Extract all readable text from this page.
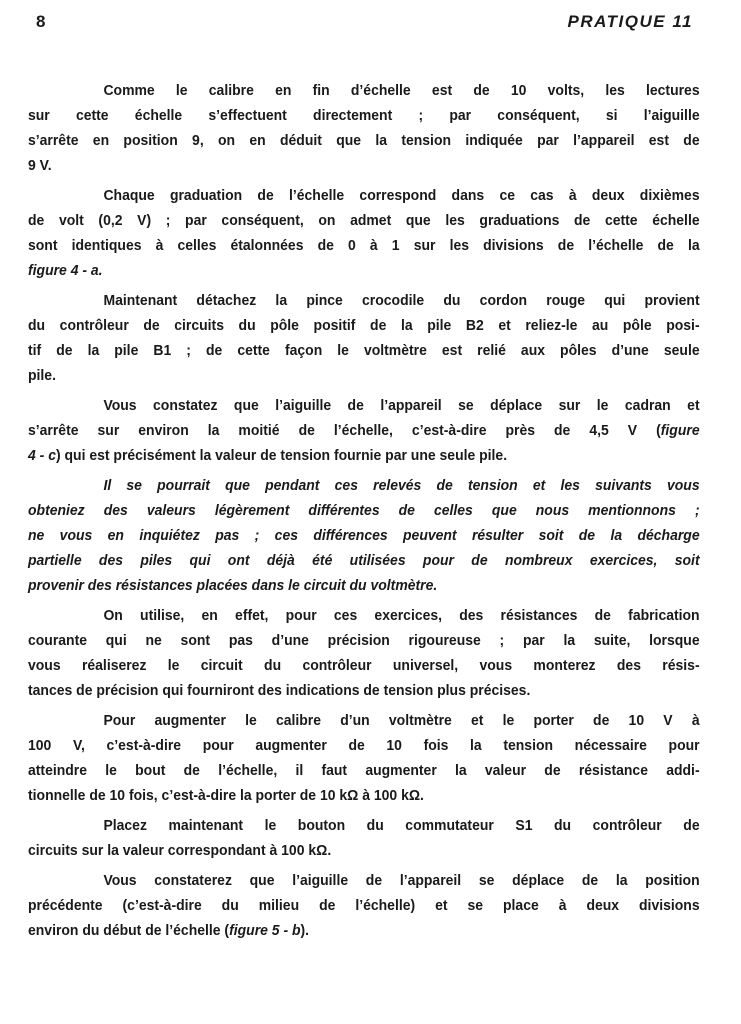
8	PRATIQUE 11
Comme le calibre en fin d’échelle est de 10 volts, les lectures
sur cette échelle s’effectuent directement ; par conséquent, si l’aiguille
s’arrête en position 9, on en déduit que la tension indiquée par l’appareil est de
9 V.
Chaque graduation de l’échelle correspond dans ce cas à deux dixièmes
de volt (0,2 V) ; par conséquent, on admet que les graduations de cette échelle
sont identiques à celles étalonnées de 0 à 1 sur les divisions de l’échelle de la
figure 4 - a.
Maintenant détachez la pince crocodile du cordon rouge qui provient
du contrôleur de circuits du pôle positif de la pile B2 et reliez-le au pôle posi-
tif de la pile B1 ; de cette façon le voltmètre est relié aux pôles d’une seule
pile.
Vous constatez que l’aiguille de l’appareil se déplace sur le cadran et
s’arrête sur environ la moitié de l’échelle, c’est-à-dire près de 4,5 V (figure
4 - c) qui est précisément la valeur de tension fournie par une seule pile.
Il se pourrait que pendant ces relevés de tension et les suivants vous
obteniez des valeurs légèrement différentes de celles que nous mentionnons ;
ne vous en inquiétez pas ; ces différences peuvent résulter soit de la décharge
partielle des piles qui ont déjà été utilisées pour de nombreux exercices, soit
provenir des résistances placées dans le circuit du voltmètre.
On utilise, en effet, pour ces exercices, des résistances de fabrication
courante qui ne sont pas d’une précision rigoureuse ; par la suite, lorsque
vous réaliserez le circuit du contrôleur universel, vous monterez des résis-
tances de précision qui fourniront des indications de tension plus précises.
Pour augmenter le calibre d’un voltmètre et le porter de 10 V à
100 V, c’est-à-dire pour augmenter de 10 fois la tension nécessaire pour
atteindre le bout de l’échelle, il faut augmenter la valeur de résistance addi-
tionnelle de 10 fois, c’est-à-dire la porter de 10 kΩ à 100 kΩ.
Placez maintenant le bouton du commutateur S1 du contrôleur de
circuits sur la valeur correspondant à 100 kΩ.
Vous constaterez que l’aiguille de l’appareil se déplace de la position
précédente (c’est-à-dire du milieu de l’échelle) et se place à deux divisions
environ du début de l’échelle (figure 5 - b).
